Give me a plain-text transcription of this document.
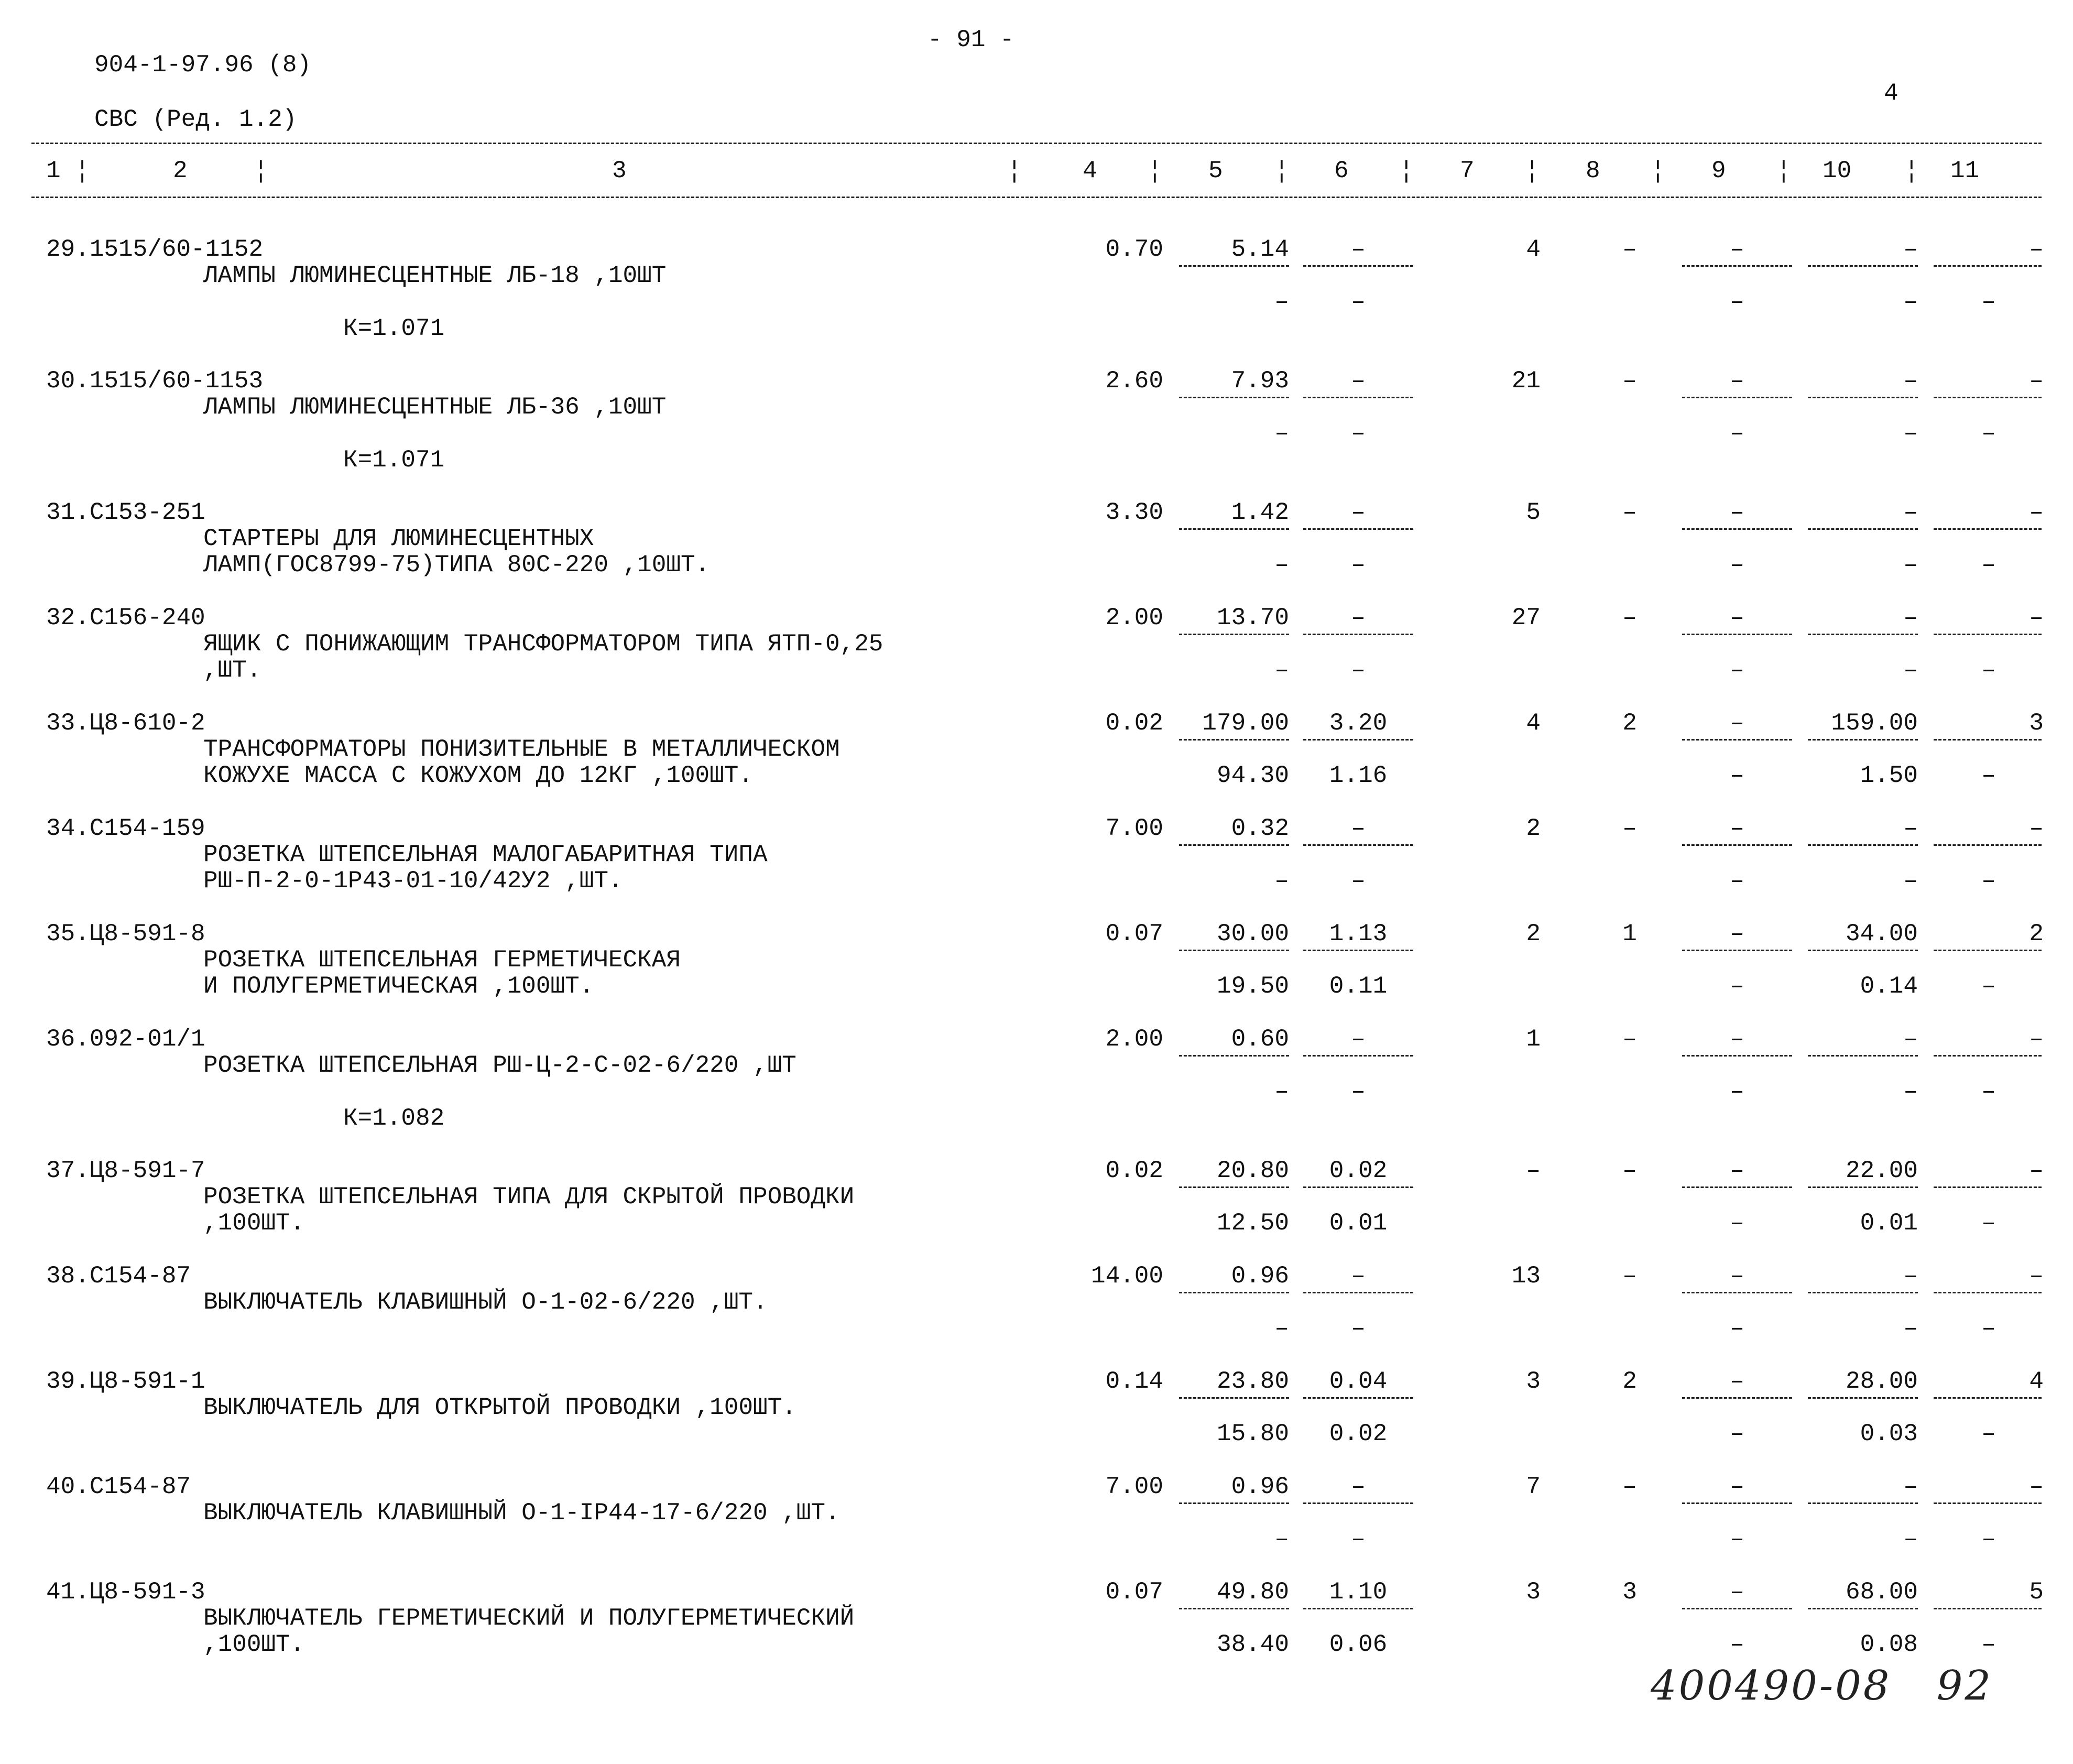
- 91 -
904-1-97.96 (8)
4
СВС (Ред. 1.2)
1 ¦	2	¦	3	¦	4 ¦ 5 ¦ 6 ¦ 7 ¦ 8 ¦ 9 ¦ 10 ¦ 11
29.1515/60-1152
ЛАМПЫ ЛЮМИНЕСЦЕНТНЫЕ ЛБ-18 ,10ШТ
0.70	5.14	–	4	–	–	–	–
–	–	–	–	–
К=1.071
30.1515/60-1153
ЛАМПЫ ЛЮМИНЕСЦЕНТНЫЕ ЛБ-36 ,10ШТ
2.60	7.93	–	21	–	–	–	–
–	–	–	–	–
К=1.071
31.С153-251
СТАРТЕРЫ ДЛЯ ЛЮМИНЕСЦЕНТНЫХ
ЛАМП(ГОС8799-75)ТИПА 80С-220 ,10ШТ.
3.30	1.42	–	5	–	–	–	–
–	–	–	–	–
32.С156-240
ЯЩИК С ПОНИЖАЮЩИМ ТРАНСФОРМАТОРОМ ТИПА ЯТП-0,25
,ШТ.
2.00	13.70	–	27	–	–	–	–
–	–	–	–	–
33.Ц8-610-2
ТРАНСФОРМАТОРЫ ПОНИЗИТЕЛЬНЫЕ В МЕТАЛЛИЧЕСКОМ
КОЖУХЕ МАССА С КОЖУХОМ ДО 12КГ ,100ШТ.
0.02	179.00	3.20	4	2	–	159.00	3
94.30	1.16	–	1.50	–
34.С154-159
РОЗЕТКА ШТЕПСЕЛЬНАЯ МАЛОГАБАРИТНАЯ ТИПА
РШ-П-2-0-1Р43-01-10/42У2 ,ШТ.
7.00	0.32	–	2	–	–	–	–
–	–	–	–	–
35.Ц8-591-8
РОЗЕТКА ШТЕПСЕЛЬНАЯ ГЕРМЕТИЧЕСКАЯ
И ПОЛУГЕРМЕТИЧЕСКАЯ ,100ШТ.
0.07	30.00	1.13	2	1	–	34.00	2
19.50	0.11	–	0.14	–
36.092-01/1
РОЗЕТКА ШТЕПСЕЛЬНАЯ РШ-Ц-2-С-02-6/220 ,ШТ
2.00	0.60	–	1	–	–	–	–
–	–	–	–	–
К=1.082
37.Ц8-591-7
РОЗЕТКА ШТЕПСЕЛЬНАЯ ТИПА ДЛЯ СКРЫТОЙ ПРОВОДКИ
,100ШТ.
0.02	20.80	0.02	–	–	–	22.00	–
12.50	0.01	–	0.01	–
38.С154-87
ВЫКЛЮЧАТЕЛЬ КЛАВИШНЫЙ О-1-02-6/220 ,ШТ.
14.00	0.96	–	13	–	–	–	–
–	–	–	–	–
39.Ц8-591-1
ВЫКЛЮЧАТЕЛЬ ДЛЯ ОТКРЫТОЙ ПРОВОДКИ ,100ШТ.
0.14	23.80	0.04	3	2	–	28.00	4
15.80	0.02	–	0.03	–
40.С154-87
ВЫКЛЮЧАТЕЛЬ КЛАВИШНЫЙ О-1-IP44-17-6/220 ,ШТ.
7.00	0.96	–	7	–	–	–	–
–	–	–	–	–
41.Ц8-591-3
ВЫКЛЮЧАТЕЛЬ ГЕРМЕТИЧЕСКИЙ И ПОЛУГЕРМЕТИЧЕСКИЙ
,100ШТ.
0.07	49.80	1.10	3	3	–	68.00	5
38.40	0.06	–	0.08	–
400490-08   92
